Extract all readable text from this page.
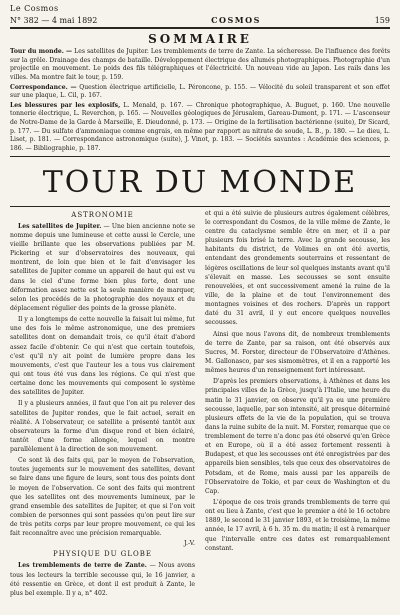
Le Cosmos
N° 382 — 4 mai 1892	COSMOS	159
SOMMAIRE

Tour du monde. — Les satellites de Jupiter. Les tremblements de terre de Zante. La sécheresse. De l'influence des forêts sur la grêle. Drainage des champs de bataille. Développement électrique des allumés photographiques. Photographie d'un projectile en mouvement. Le poids des fils télégraphiques et l'électricité. Un nouveau vide au Japon. Les rails dans les villes. Ma montre fait le tour, p. 159.

Correspondance. — Question électrique artificielle, L. Péroncone, p. 155. — Vélocité du soleil transparent et son effet sur une plaque, L. Cil, p. 167.

Les blessures par les explosifs, L. Menald, p. 167. — Chronique photographique, A. Buguet, p. 160. Une nouvelle tonnerie électrique, L. Reverchon, p. 165. — Nouvelles géologiques de Jérusalem, Gareau-Dumont, p. 171. — L'ascenseur de Notre-Dame de la Garde à Marseille, E. Dieudonné, p. 173. — Origine de la fertilisation bactérienne (suite), Dr Sicard, p. 177. — Du sulfate d'ammoniaque comme engrais, en même par rapport au nitrate de soude, L. B., p. 180. — Le dieu, L. Liset, p. 181. — Correspondance astronomique (suite), J. Vinot, p. 183. — Sociétés savantes : Académie des sciences, p. 186. — Bibliographie, p. 187.

TOUR DU MONDE
ASTRONOMIE

Les satellites de Jupiter. — Une bien ancienne note se nomme depuis une lumineuse et cette aussi le Cercle, une vieille brillante que les observations publiées par M. Pickering et sur d'observatoires des nouveaux, qui montrent, de loin que bien et le fait d'envisager les satellites de Jupiter comme un appareil de haut qui est vu dans le ciel d'une forme bien plus forte, dont une déformation assez nette est la seule manière de marquer, selon les procédés de la photographie des noyaux et du déplacement régulier des points de la grosse planète.

Il y a longtemps de cette nouvelle la faisait lui même, fut une des fois le même astronomique, une des premiers satellites dont on demandait trois, ce qu'il était d'abord assez facile d'obtenir. Ce qui n'est que certain toutefois, c'est qu'il n'y ait point de lumière propre dans les mouvements, c'est que l'auteur les a tous vus clairement qui ont tous été vus dans les régions. Ce qui n'est que certaine donc les mouvements qui composent le système des satellites de Jupiter.

Il y a plusieurs années, il faut que l'on ait pu relever des satellites de Jupiter rondes, que le fait actuel, serait en réalité. A l'observateur, ce satellite a présenté tantôt aux observateurs la forme d'un disque rond et bien éclairé, tantôt d'une forme allongée, lequel on montre parallèlement à la direction de son mouvement.

Ce sont là des faits qui, par le moyen de l'observation, toutes jugements sur le mouvement des satellites, devant se faire dans une figure de leurs, sont tous des points dont le moyen de l'observation. Ce sont des faits qui montrent que les satellites ont des mouvements lumineux, par le grand ensemble des satellites de Jupiter, et que si l'on voit combien de personnes qui sont passées qu'on peut lire sur de très petits corps par leur propre mouvement, ce qui les fait reconnaître avec une précision remarquable.

J.-V.
PHYSIQUE DU GLOBE

Les tremblements de terre de Zante. — Nous avons tous les lecteurs la terrible secousse qui, le 16 janvier, a été ressentie en Grèce, et dont il est produit à Zante, le plus bel exemple. Il y a, n° 402.

et qui a été suivie de plusieurs autres également célèbres, le correspondant du Cosmos, de la ville même de Zante, le centre du cataclysme semble être en mer, et il a par plusieurs fois brisé la terre. Avec la grande secousse, les habitants du district, de Volimes en ont été avertis, entendant des grondements souterrains et ressentant de légères oscillations de leur sol quelques instants avant qu'il s'élevait en masse. Les secousses se sont ensuite renouvelées, et ont successivement amené la ruine de la ville, de la plaine et de tout l'environnement des montagnes voisines et des rochers. D'après un rapport daté du 31 avril, il y eut encore quelques nouvelles secousses.

Ainsi que nous l'avons dit, de nombreux tremblements de terre de Zante, par sa raison, ont été observés aux Sucres, M. Forster, directeur de l'Observatoire d'Athènes. M. Gallonasco, par ses sismomètres, et il en a rapporté les mêmes heures d'un renseignement fort intéressant.

D'après les premiers observations, à Athènes et dans les principales villes de la Grèce, jusqu'à l'Italie, une heure du matin le 31 janvier, on observe qu'il ya eu une première secousse, laquelle, par son intensité, ait presque déterminé plusieurs effets de la vie de la population, qui se trouva dans la ruine subite de la nuit. M. Forster, remarque que ce tremblement de terre n'a donc pas été observé qu'en Grèce et en Europe, où il a été assez fortement ressenti à Budapest, et que les secousses ont été enregistrées par des appareils bien sensibles, tels que ceux des observatoires de Potsdam, et de Rome, mais aussi par les appareils de l'Observatoire de Tokio, et par ceux de Washington et du Cap.

L'époque de ces trois grands tremblements de terre qui ont eu lieu à Zante, c'est que le premier a été le 16 octobre 1889, le second le 31 janvier 1893, et le troisième, la même année, le 17 avril, à 6 h. 35 m. du matin; il est à remarquer que l'intervalle entre ces dates est remarquablement constant.
